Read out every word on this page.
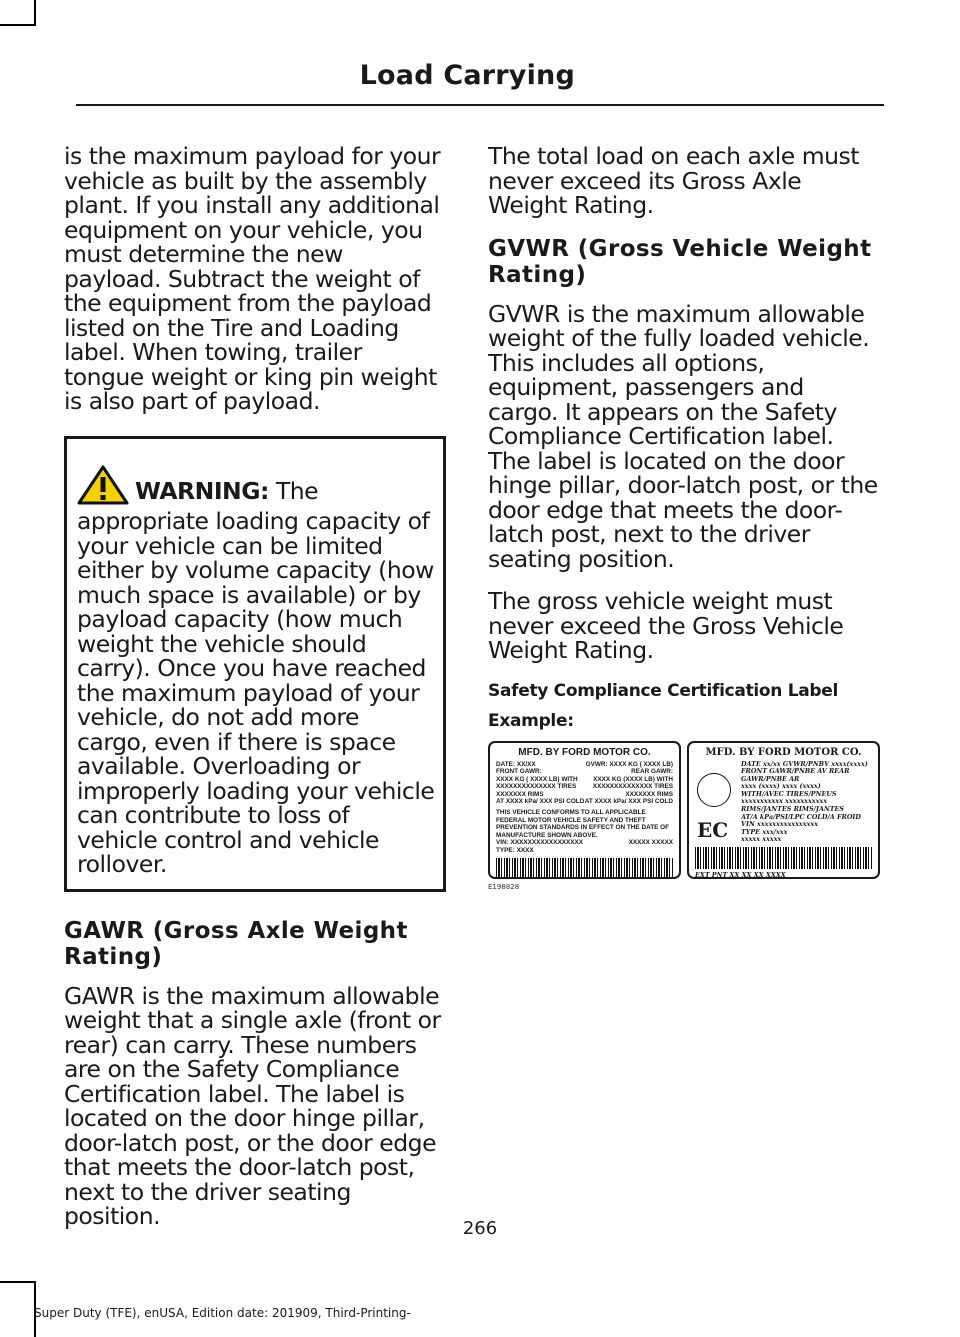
Load Carrying

is the maximum payload for your vehicle as built by the assembly plant. If you install any additional equipment on your vehicle, you must determine the new payload. Subtract the weight of the equipment from the payload listed on the Tire and Loading label. When towing, trailer tongue weight or king pin weight is also part of payload.

WARNING: The appropriate loading capacity of your vehicle can be limited either by volume capacity (how much space is available) or by payload capacity (how much weight the vehicle should carry). Once you have reached the maximum payload of your vehicle, do not add more cargo, even if there is space available. Overloading or improperly loading your vehicle can contribute to loss of vehicle control and vehicle rollover.

GAWR (Gross Axle Weight Rating)

GAWR is the maximum allowable weight that a single axle (front or rear) can carry. These numbers are on the Safety Compliance Certification label. The label is located on the door hinge pillar, door-latch post, or the door edge that meets the door-latch post, next to the driver seating position.

The total load on each axle must never exceed its Gross Axle Weight Rating.

GVWR (Gross Vehicle Weight Rating)

GVWR is the maximum allowable weight of the fully loaded vehicle. This includes all options, equipment, passengers and cargo. It appears on the Safety Compliance Certification label. The label is located on the door hinge pillar, door-latch post, or the door edge that meets the door-latch post, next to the driver seating position.

The gross vehicle weight must never exceed the Gross Vehicle Weight Rating.

Safety Compliance Certification Label
Example:
MFD. BY FORD MOTOR CO.
DATE: XX/XX	GVWR: XXXX KG ( XXXX LB)
FRONT GAWR:	REAR GAWR:
XXXX KG ( XXXX LB) WITH XXXX KG (XXXX LB) WITH
XXXXXXXXXXXXXX TIRES	XXXXXXXXXXXXXX TIRES
XXXXXXX RIMS	XXXXXXX RIMS
AT XXXX kPa/ XXX PSI COLD AT XXXX kPa/ XXX PSI COLD
THIS VEHICLE CONFORMS TO ALL APPLICABLE FEDERAL MOTOR VEHICLE SAFETY AND THEFT PREVENTION STANDARDS IN EFFECT ON THE DATE OF MANUFACTURE SHOWN ABOVE.
VIN: XXXXXXXXXXXXXXXXX	XXXXX XXXXX
TYPE: XXXX
MFD. BY FORD MOTOR CO.
DATE xx/xx GVWR/PNBV xxxx(xxxx)
FRONT GAWR/PNBE AV REAR GAWR/PNBE AR
xxxx (xxxx) xxxx (xxxx)
WITH/AVEC TIRES/PNEUS
xxxxxxxxxxx xxxxxxxxxxx
RIMS/JANTES RIMS/JANTES
AT/A kPa/PSI/LPC COLD/A FROID
EC VIN xxxxxxxxxxxxxxxx
TYPE xxx/xxx
xxxxx xxxxx
EXT PNT XX XX XX XXXX
E198828
266
Super Duty (TFE), enUSA, Edition date: 201909, Third-Printing-
